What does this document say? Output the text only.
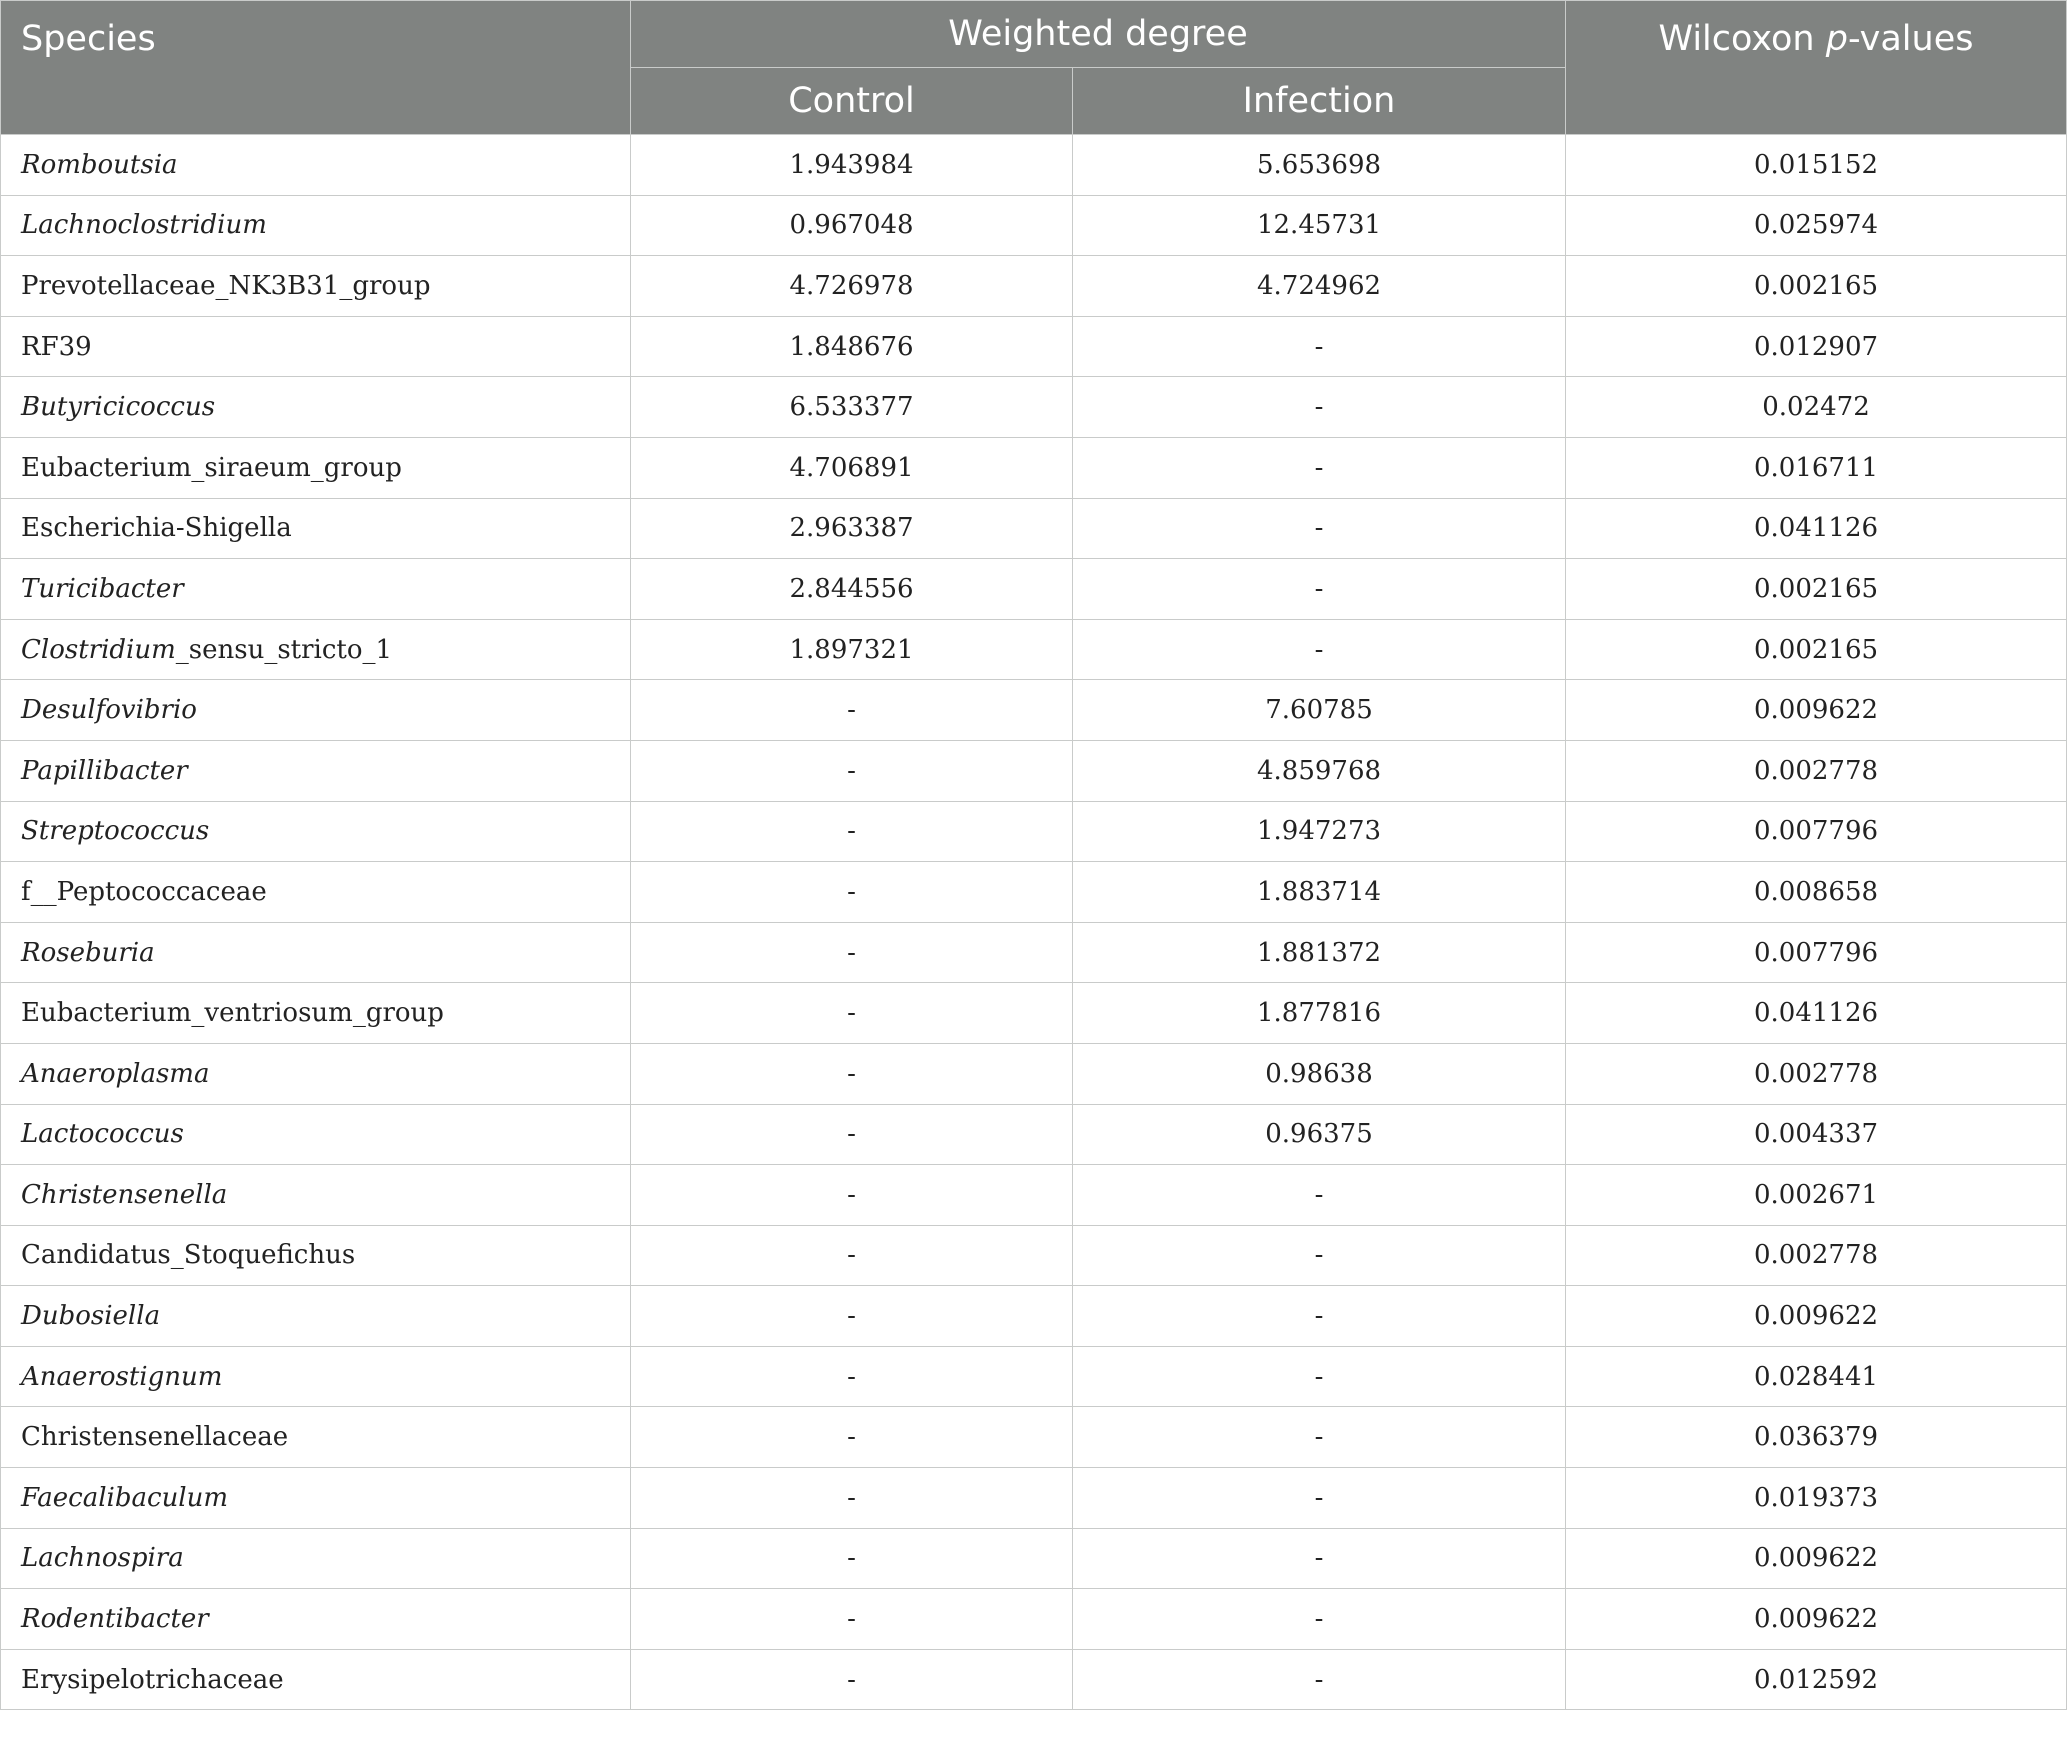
Species	Weighted degree		Wilcoxon p-values
	Control	Infection	
Romboutsia	1.943984	5.653698	0.015152
Lachnoclostridium	0.967048	12.45731	0.025974
Prevotellaceae_NK3B31_group	4.726978	4.724962	0.002165
RF39	1.848676	-	0.012907
Butyricicoccus	6.533377	-	0.02472
Eubacterium_siraeum_group	4.706891	-	0.016711
Escherichia-Shigella	2.963387	-	0.041126
Turicibacter	2.844556	-	0.002165
Clostridium_sensu_stricto_1	1.897321	-	0.002165
Desulfovibrio	-	7.60785	0.009622
Papillibacter	-	4.859768	0.002778
Streptococcus	-	1.947273	0.007796
f__Peptococcaceae	-	1.883714	0.008658
Roseburia	-	1.881372	0.007796
Eubacterium_ventriosum_group	-	1.877816	0.041126
Anaeroplasma	-	0.98638	0.002778
Lactococcus	-	0.96375	0.004337
Christensenella	-	-	0.002671
Candidatus_Stoquefichus	-	-	0.002778
Dubosiella	-	-	0.009622
Anaerostignum	-	-	0.028441
Christensenellaceae	-	-	0.036379
Faecalibaculum	-	-	0.019373
Lachnospira	-	-	0.009622
Rodentibacter	-	-	0.009622
Erysipelotrichaceae	-	-	0.012592
